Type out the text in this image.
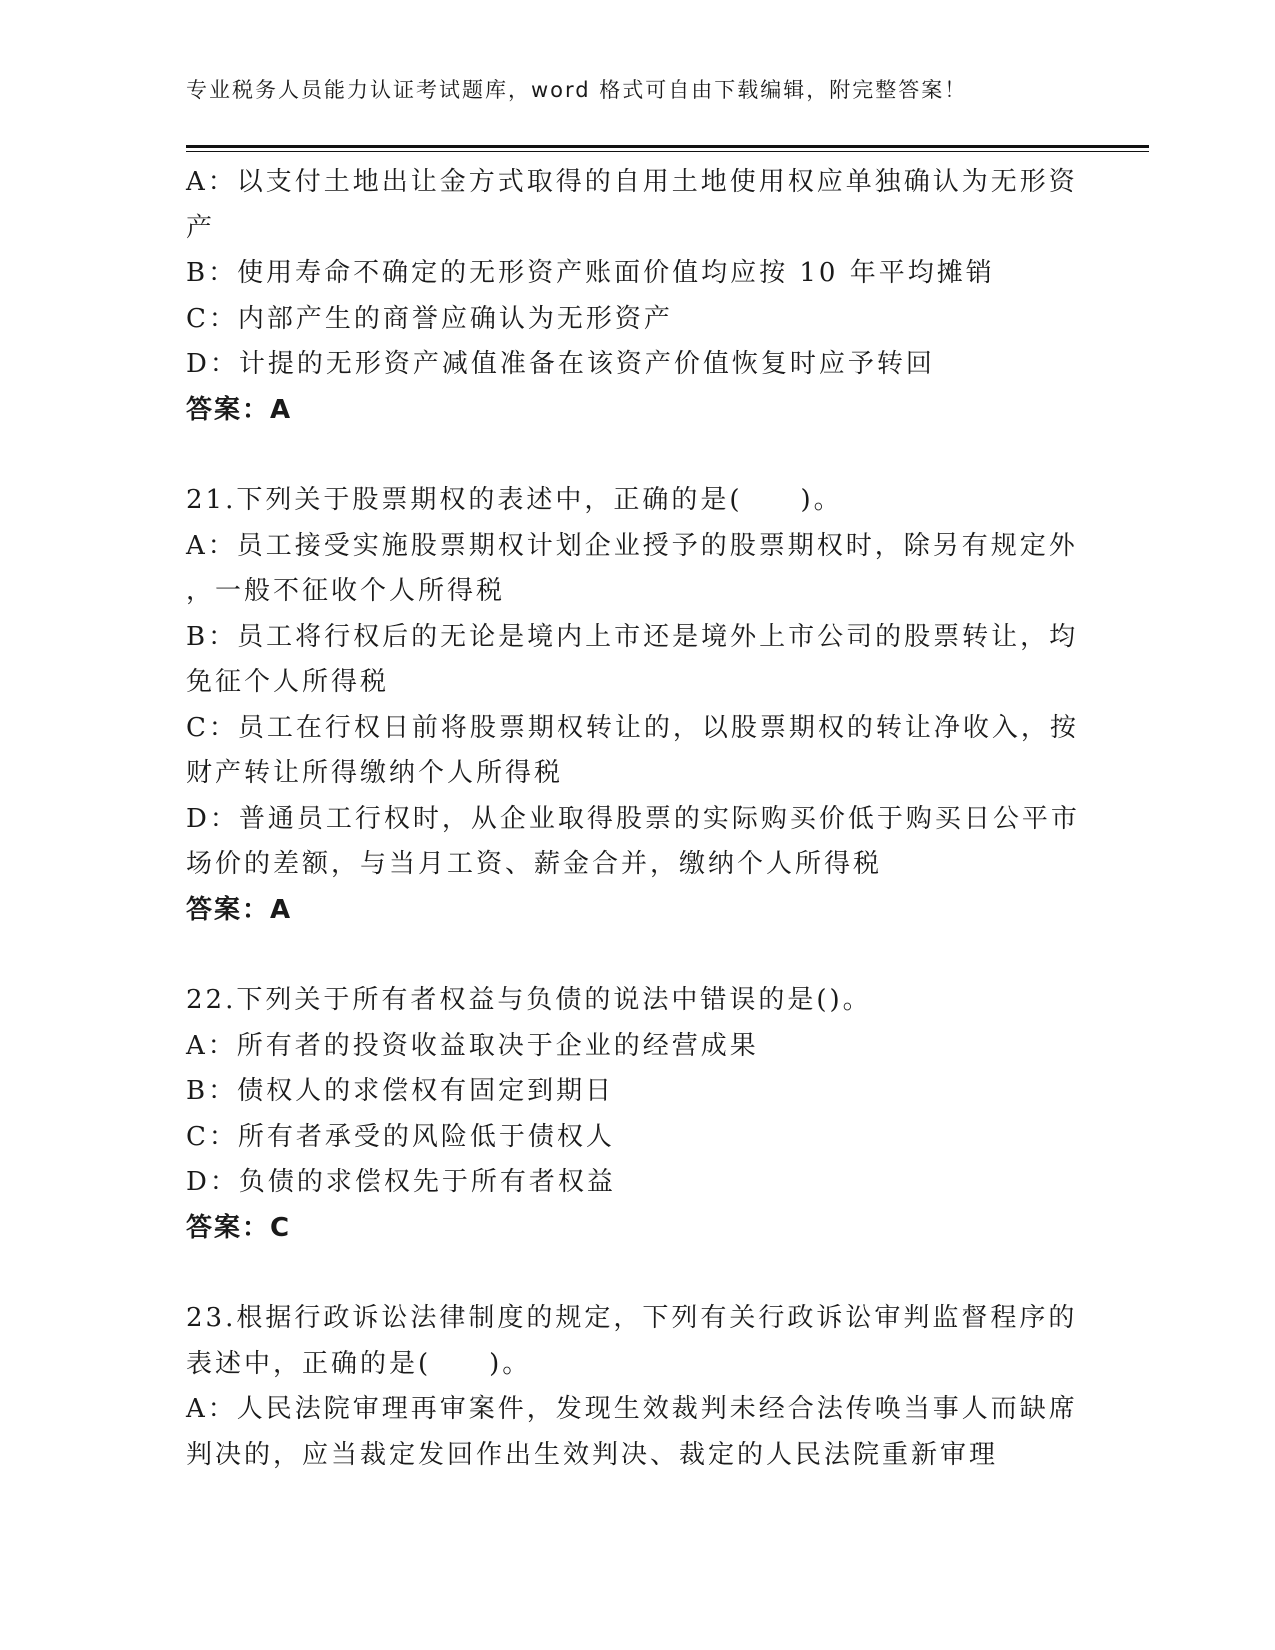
专业税务人员能力认证考试题库，word 格式可自由下载编辑，附完整答案！
A：以支付土地出让金方式取得的自用土地使用权应单独确认为无形资
产
B：使用寿命不确定的无形资产账面价值均应按 10 年平均摊销
C：内部产生的商誉应确认为无形资产
D：计提的无形资产减值准备在该资产价值恢复时应予转回
答案：A
21.下列关于股票期权的表述中，正确的是(　　)。
A：员工接受实施股票期权计划企业授予的股票期权时，除另有规定外
，一般不征收个人所得税
B：员工将行权后的无论是境内上市还是境外上市公司的股票转让，均
免征个人所得税
C：员工在行权日前将股票期权转让的，以股票期权的转让净收入，按
财产转让所得缴纳个人所得税
D：普通员工行权时，从企业取得股票的实际购买价低于购买日公平市
场价的差额，与当月工资、薪金合并，缴纳个人所得税
答案：A
22.下列关于所有者权益与负债的说法中错误的是()。
A：所有者的投资收益取决于企业的经营成果
B：债权人的求偿权有固定到期日
C：所有者承受的风险低于债权人
D：负债的求偿权先于所有者权益
答案：C
23.根据行政诉讼法律制度的规定，下列有关行政诉讼审判监督程序的
表述中，正确的是(　　)。
A：人民法院审理再审案件，发现生效裁判未经合法传唤当事人而缺席
判决的，应当裁定发回作出生效判决、裁定的人民法院重新审理
